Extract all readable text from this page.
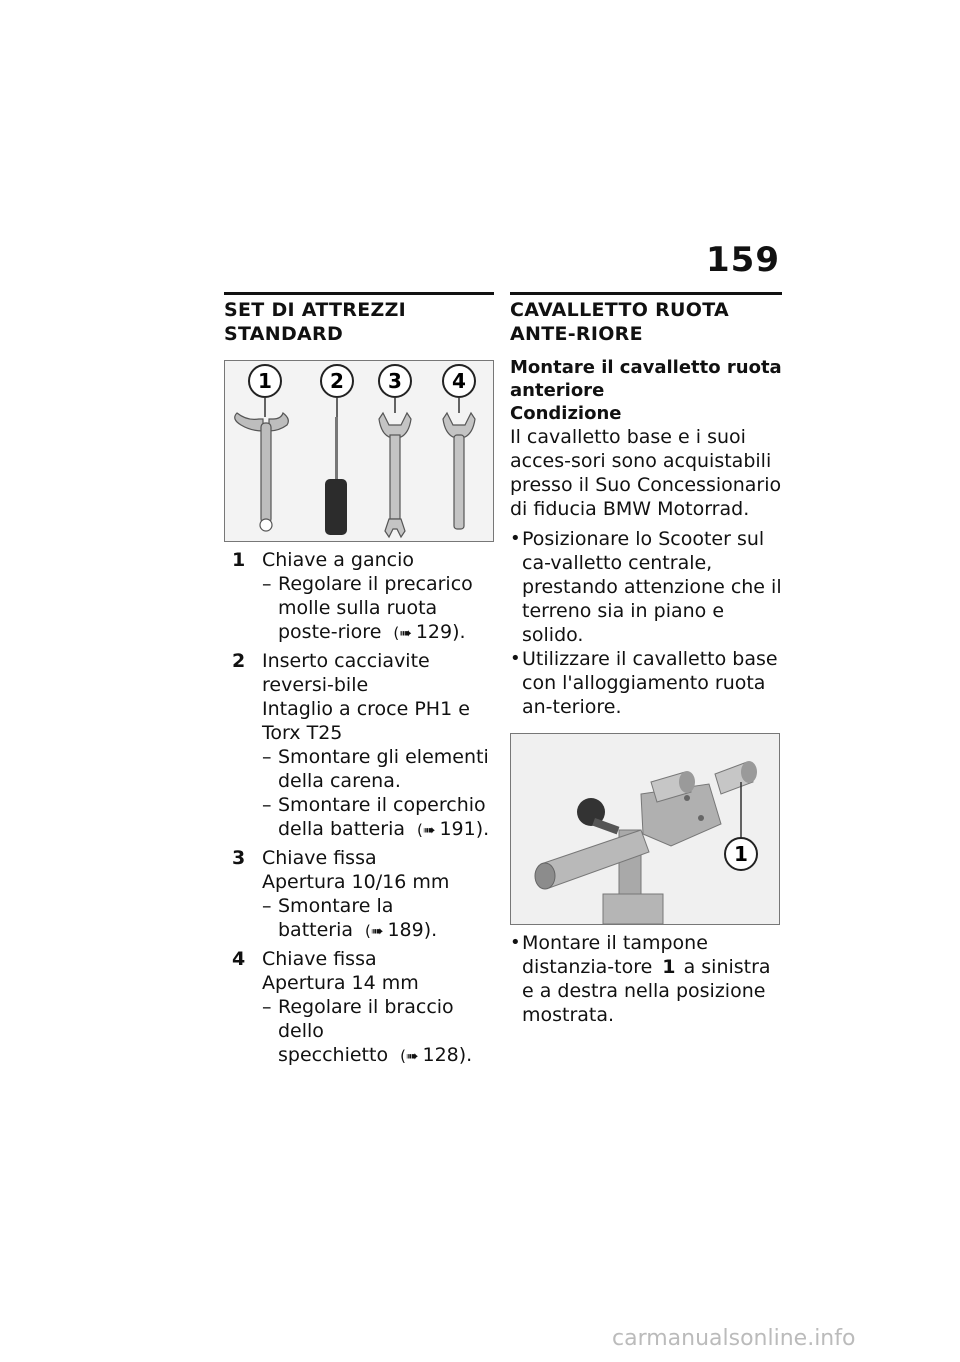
159
SET DI ATTREZZI STANDARD
1	2 3	4
1 Chiave a gancio

– Regolare il precarico molle sulla ruota poste-riore (➠ 129).
2 Inserto cacciavite reversi-bile

Intaglio a croce PH1 e Torx T25

– Smontare gli elementi della carena.
– Smontare il coperchio della batteria (➠ 191).
3 Chiave fissa

Apertura 10/16 mm

– Smontare la batteria (➠ 189).
4 Chiave fissa

Apertura 14 mm

– Regolare il braccio dello specchietto (➠ 128).
CAVALLETTO RUOTA ANTE-RIORE
Montare il cavalletto ruota anteriore
Condizione

Il cavalletto base e i suoi acces-sori sono acquistabili presso il Suo Concessionario di fiducia BMW Motorrad.

• Posizionare lo Scooter sul ca-valletto centrale, prestando attenzione che il terreno sia in piano e solido.
• Utilizzare il cavalletto base con l'alloggiamento ruota an-teriore.
1
• Montare il tampone distanzia-tore 1 a sinistra e a destra nella posizione mostrata.
carmanualsonline.info
